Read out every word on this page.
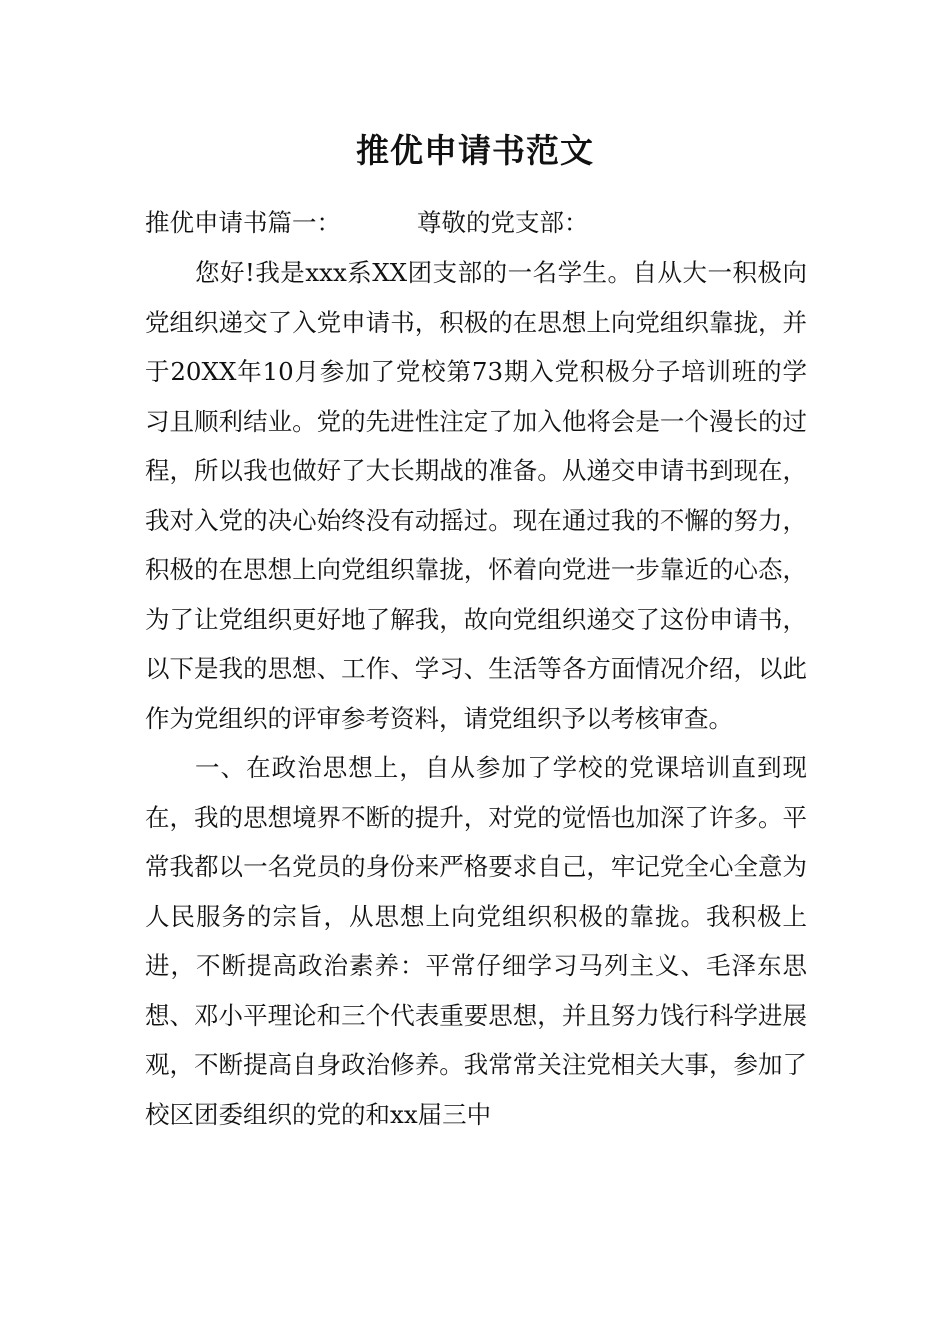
推优申请书范文
推优申请书篇一：	尊敬的党支部：

您好!我是xxx系XX团支部的一名学生。自从大一积极向党组织递交了入党申请书，积极的在思想上向党组织靠拢，并于20XX年10月参加了党校第73期入党积极分子培训班的学习且顺利结业。党的先进性注定了加入他将会是一个漫长的过程，所以我也做好了大长期战的准备。从递交申请书到现在，我对入党的决心始终没有动摇过。现在通过我的不懈的努力，积极的在思想上向党组织靠拢，怀着向党进一步靠近的心态，为了让党组织更好地了解我，故向党组织递交了这份申请书，以下是我的思想、工作、学习、生活等各方面情况介绍，以此作为党组织的评审参考资料，请党组织予以考核审查。

一、在政治思想上，自从参加了学校的党课培训直到现在，我的思想境界不断的提升，对党的觉悟也加深了许多。平常我都以一名党员的身份来严格要求自己，牢记党全心全意为人民服务的宗旨，从思想上向党组织积极的靠拢。我积极上进，不断提高政治素养：平常仔细学习马列主义、毛泽东思想、邓小平理论和三个代表重要思想，并且努力饯行科学进展观，不断提高自身政治修养。我常常关注党相关大事，参加了校区团委组织的党的和xx届三中
